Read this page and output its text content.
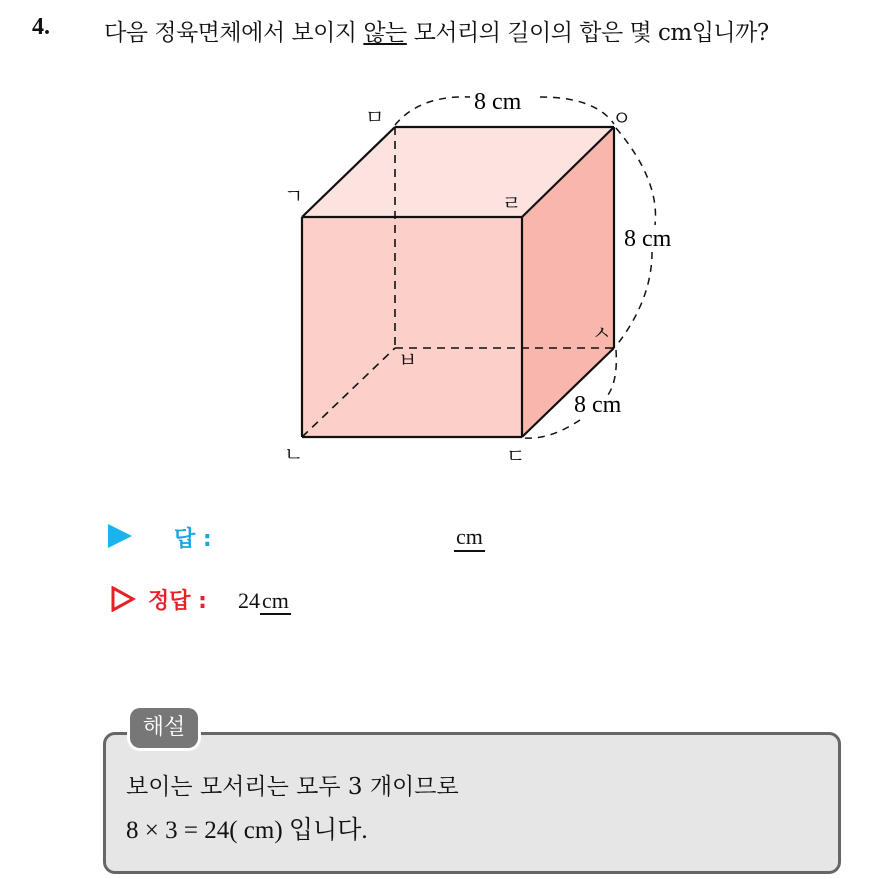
4. 다음 정육면체에서 보이지 않는 모서리의 길이의 합은 몇 cm입니까?
8 cm
8 cm
8 cm
ㅁ	ㅇ
ㄱ	ㄹ
ㅅ
ㅂ
ㄴ	ㄷ
답 :	cm
정답 : 24cm
해설
보이는 모서리는 모두 3 개이므로
8 × 3 = 24( cm) 입니다.
